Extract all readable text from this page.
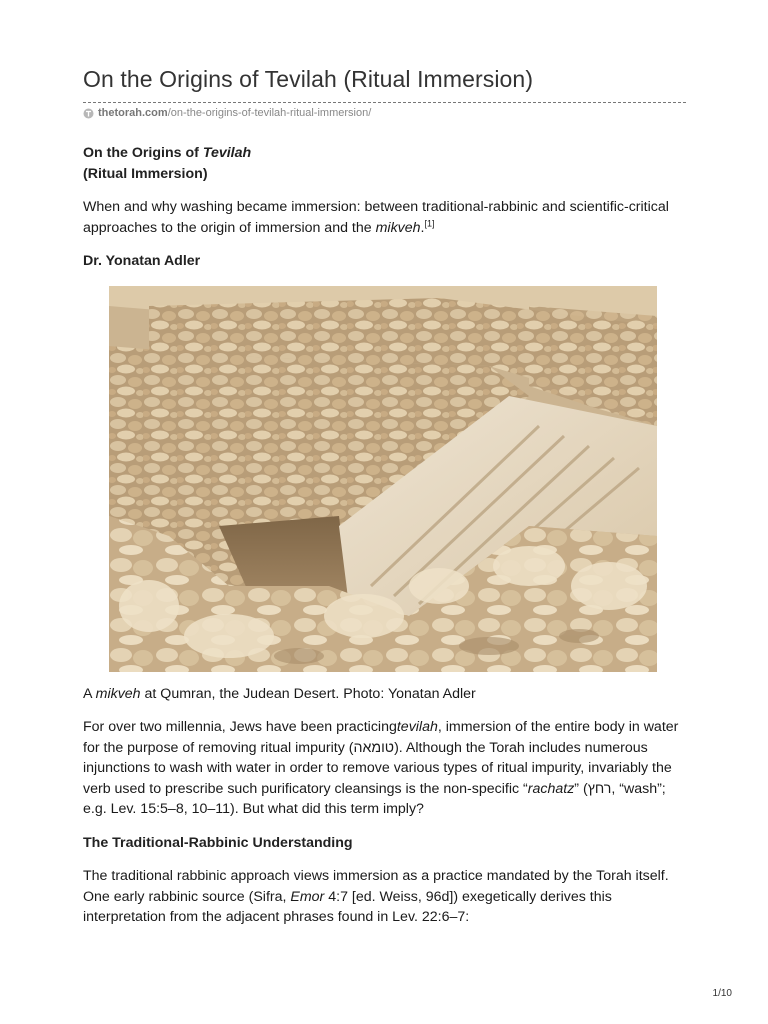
On the Origins of Tevilah (Ritual Immersion)
thetorah.com/on-the-origins-of-tevilah-ritual-immersion/
On the Origins of Tevilah
(Ritual Immersion)

When and why washing became immersion: between traditional-rabbinic and scientific-critical approaches to the origin of immersion and the mikveh.[1]

Dr. Yonatan Adler

A mikveh at Qumran, the Judean Desert. Photo: Yonatan Adler

For over two millennia, Jews have been practicingtevilah, immersion of the entire body in water for the purpose of removing ritual impurity (טומאה). Although the Torah includes numerous injunctions to wash with water in order to remove various types of ritual impurity, invariably the verb used to prescribe such purificatory cleansings is the non-specific “rachatz” (רחץ, “wash”; e.g. Lev. 15:5–8, 10–11). But what did this term imply?

The Traditional-Rabbinic Understanding

The traditional rabbinic approach views immersion as a practice mandated by the Torah itself. One early rabbinic source (Sifra, Emor 4:7 [ed. Weiss, 96d]) exegetically derives this interpretation from the adjacent phrases found in Lev. 22:6–7:

1/10
